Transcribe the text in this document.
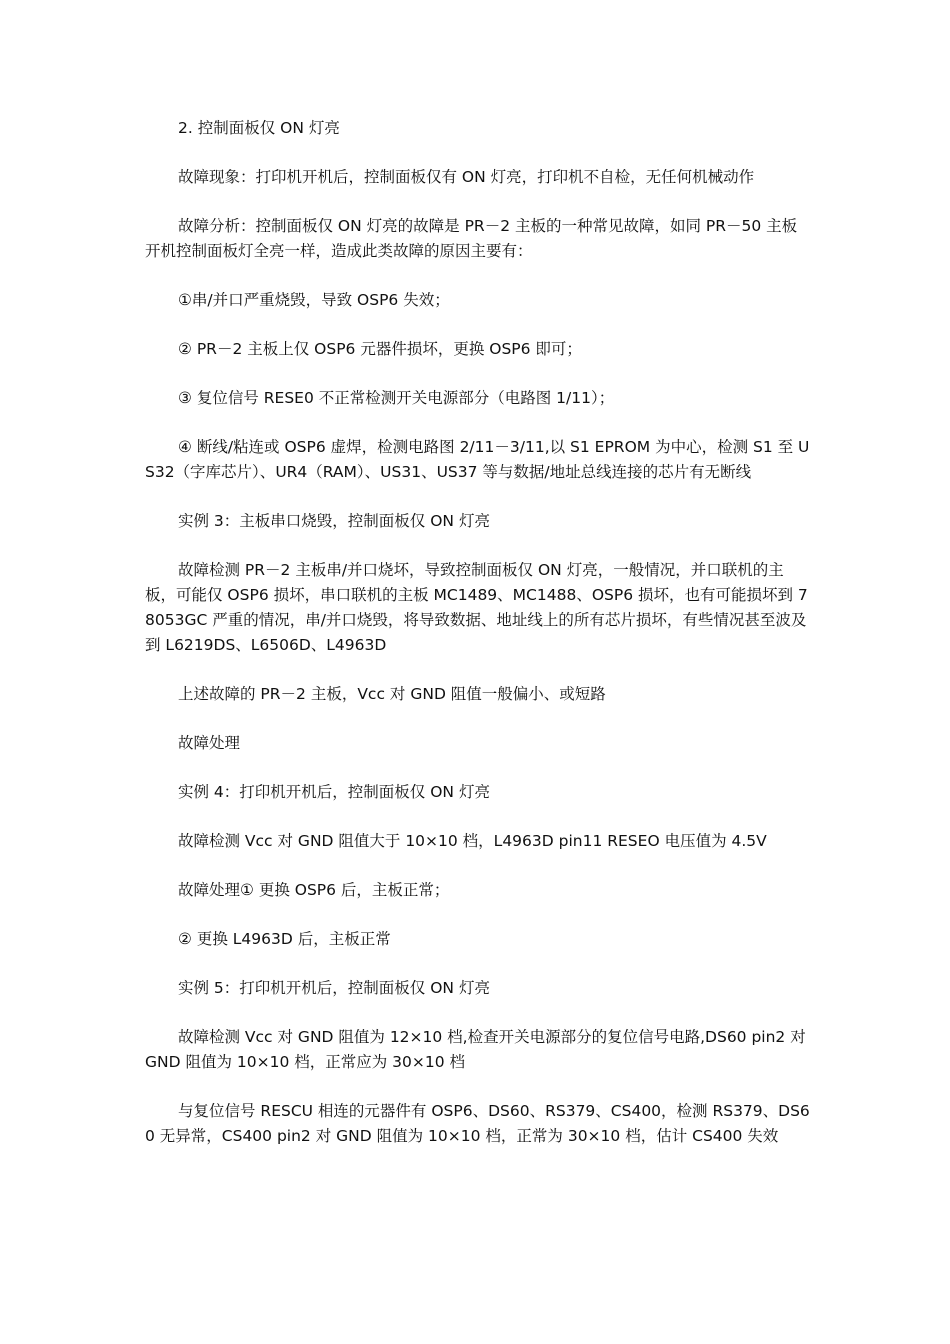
2. 控制面板仅 ON 灯亮

故障现象：打印机开机后，控制面板仅有 ON 灯亮，打印机不自检，无任何机械动作

故障分析：控制面板仅 ON 灯亮的故障是 PR－2 主板的一种常见故障，如同 PR－50 主板开机控制面板灯全亮一样，造成此类故障的原因主要有：

①串/并口严重烧毁，导致 OSP6 失效；

② PR－2 主板上仅 OSP6 元器件损坏，更换 OSP6 即可；

③ 复位信号 RESE0 不正常检测开关电源部分（电路图 1/11）；

④ 断线/粘连或 OSP6 虚焊，检测电路图 2/11－3/11,以 S1 EPROM 为中心，检测 S1 至 US32（字库芯片）、UR4（RAM）、US31、US37 等与数据/地址总线连接的芯片有无断线

实例 3：主板串口烧毁，控制面板仅 ON 灯亮

故障检测 PR－2 主板串/并口烧坏，导致控制面板仅 ON 灯亮，一般情况，并口联机的主板，可能仅 OSP6 损坏，串口联机的主板 MC1489、MC1488、OSP6 损坏，也有可能损坏到 78053GC 严重的情况，串/并口烧毁，将导致数据、地址线上的所有芯片损坏，有些情况甚至波及到 L6219DS、L6506D、L4963D

上述故障的 PR－2 主板，Vcc 对 GND 阻值一般偏小、或短路

故障处理

实例 4：打印机开机后，控制面板仅 ON 灯亮

故障检测 Vcc 对 GND 阻值大于 10×10 档，L4963D pin11 RESEO 电压值为 4.5V

故障处理① 更换 OSP6 后，主板正常；

② 更换 L4963D 后，主板正常

实例 5：打印机开机后，控制面板仅 ON 灯亮

故障检测 Vcc 对 GND 阻值为 12×10 档,检查开关电源部分的复位信号电路,DS60 pin2 对 GND 阻值为 10×10 档，正常应为 30×10 档

与复位信号 RESCU 相连的元器件有 OSP6、DS60、RS379、CS400，检测 RS379、DS60 无异常，CS400 pin2 对 GND 阻值为 10×10 档，正常为 30×10 档，估计 CS400 失效
